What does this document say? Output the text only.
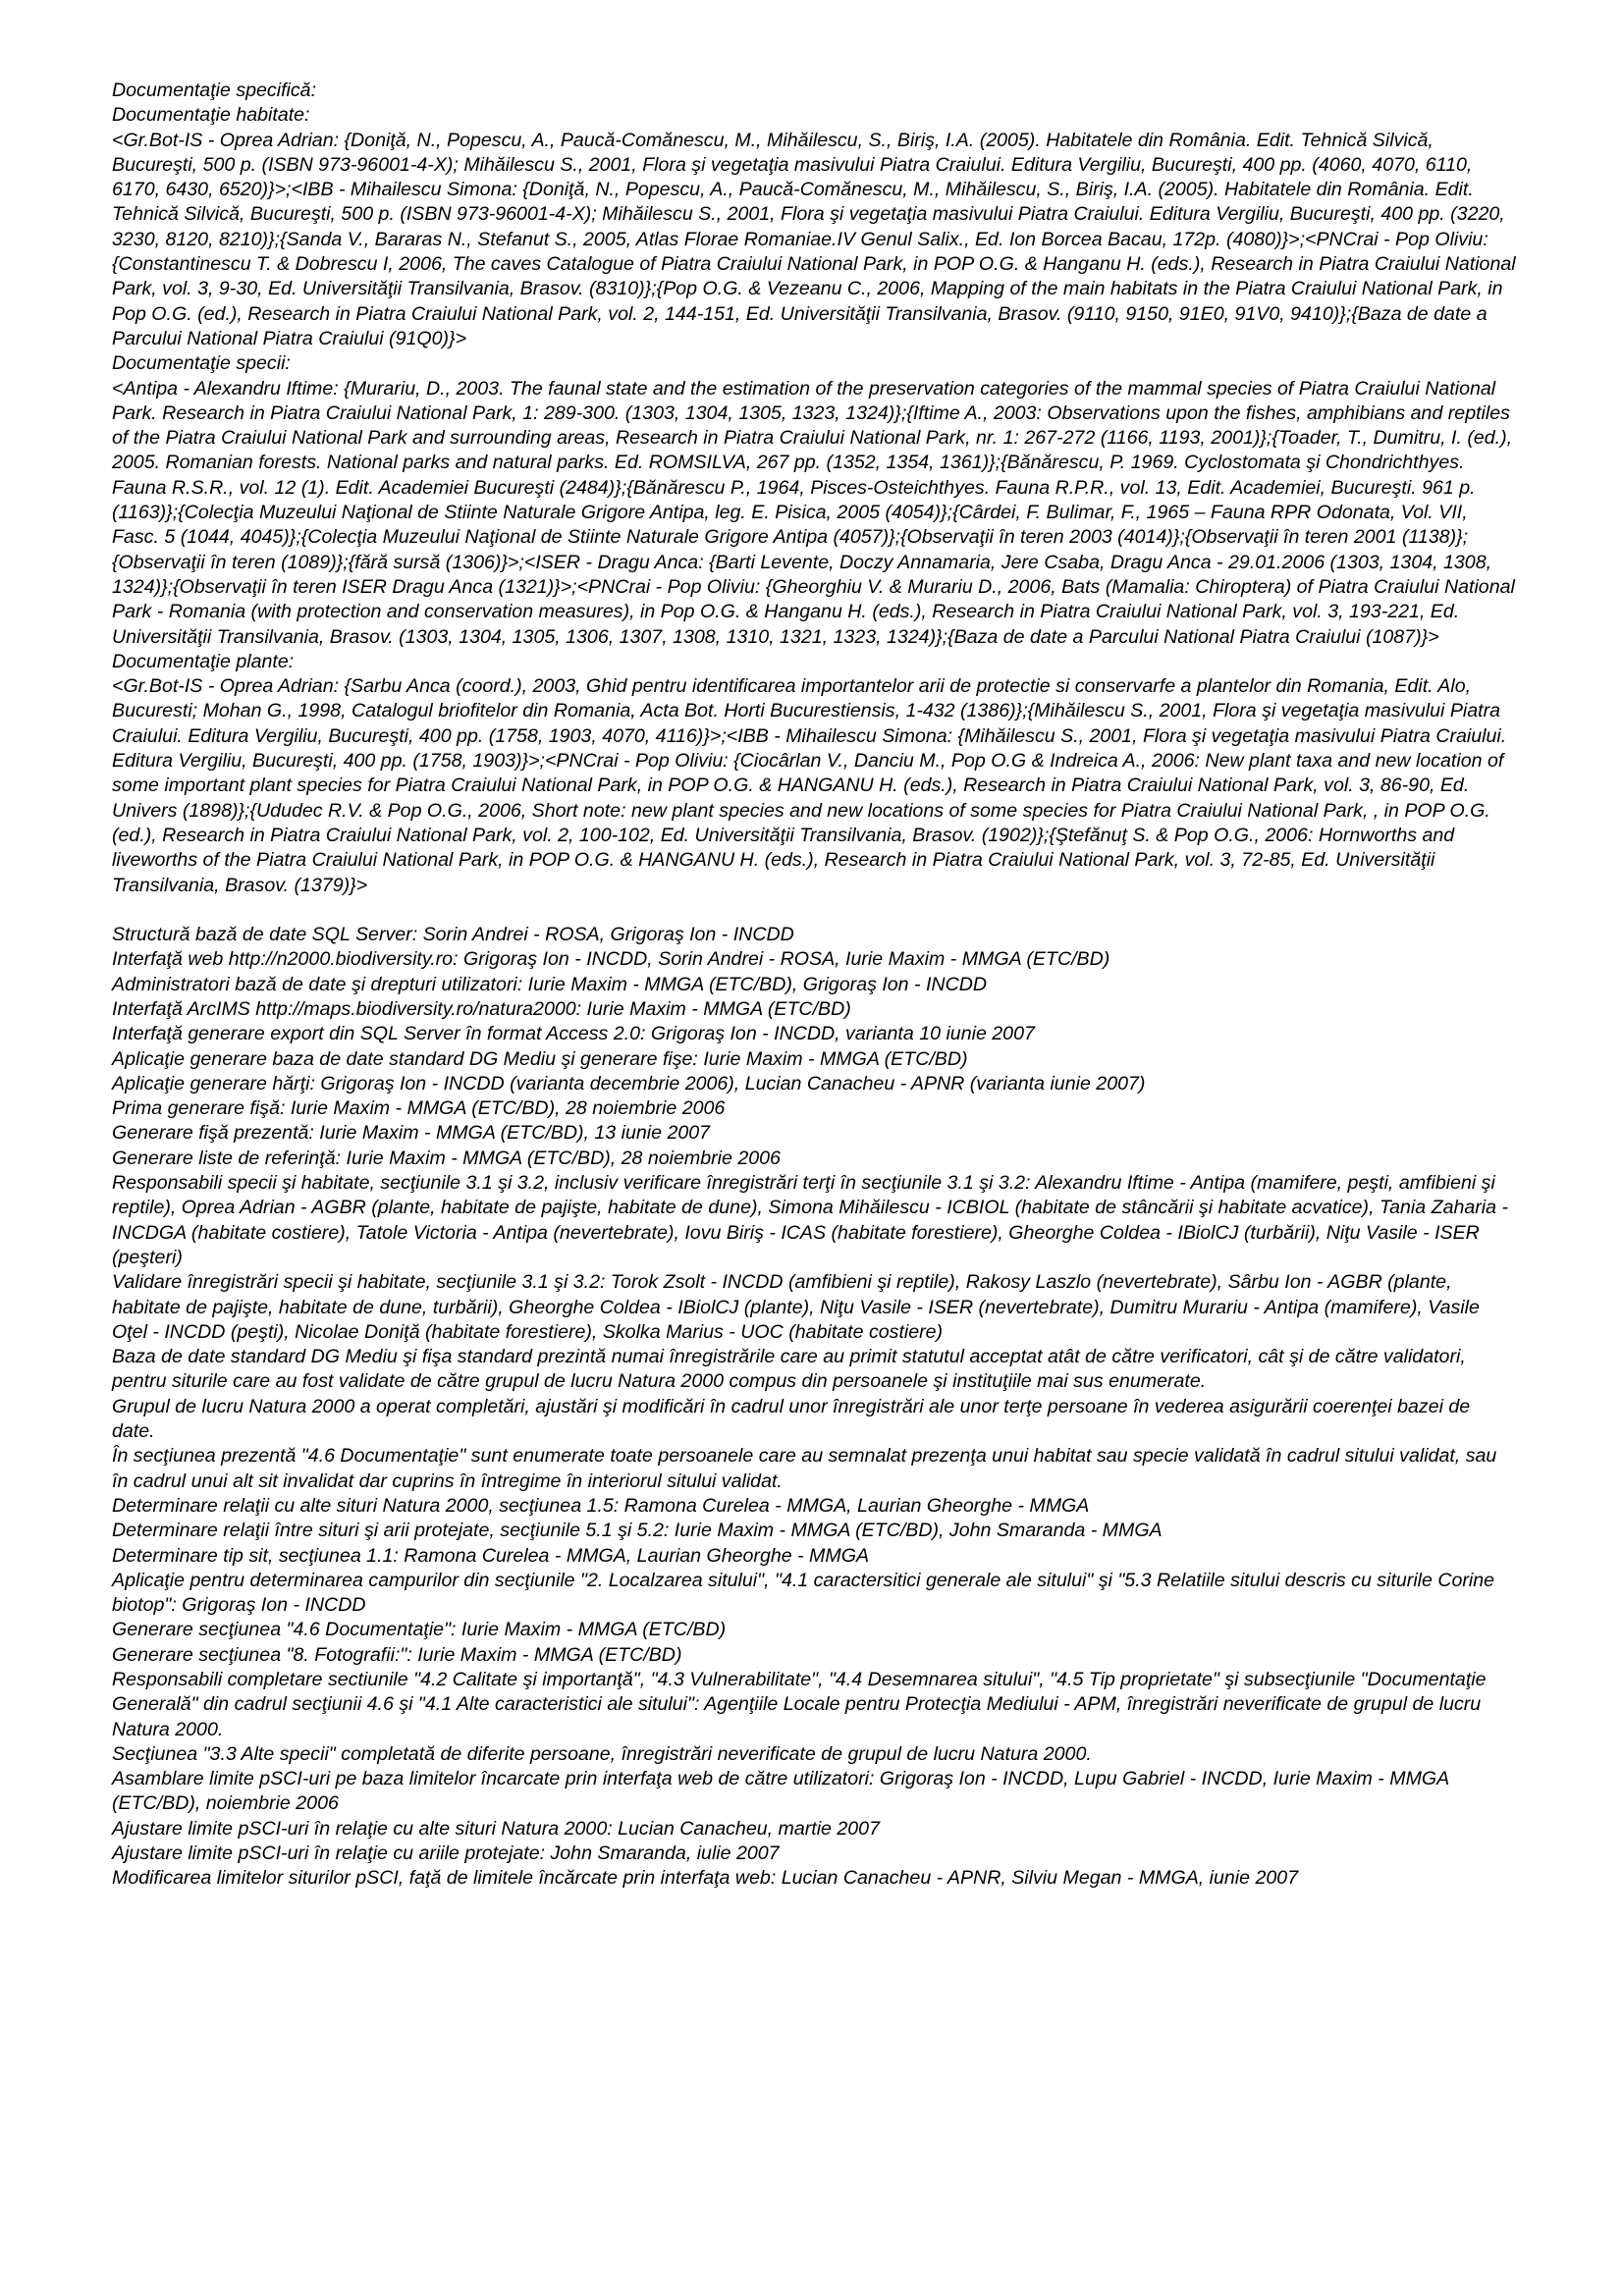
Documentaţie specifică:

Documentaţie habitate:

<Gr.Bot-IS - Oprea Adrian: {Doniţă, N., Popescu, A., Paucă-Comănescu, M., Mihăilescu, S., Biriş, I.A. (2005). Habitatele din România. Edit. Tehnică Silvică, Bucureşti, 500 p. (ISBN 973-96001-4-X); Mihăilescu S., 2001, Flora şi vegetaţia masivului Piatra Craiului. Editura Vergiliu, Bucureşti, 400 pp. (4060, 4070, 6110, 6170, 6430, 6520)}>;<IBB - Mihailescu Simona: {Doniţă, N., Popescu, A., Paucă-Comănescu, M., Mihăilescu, S., Biriş, I.A. (2005). Habitatele din România. Edit. Tehnică Silvică, Bucureşti, 500 p. (ISBN 973-96001-4-X); Mihăilescu S., 2001, Flora şi vegetaţia masivului Piatra Craiului. Editura Vergiliu, Bucureşti, 400 pp. (3220, 3230, 8120, 8210)};{Sanda V., Bararas N., Stefanut S., 2005, Atlas Florae Romaniae.IV Genul Salix., Ed. Ion Borcea Bacau, 172p. (4080)}>;<PNCrai - Pop Oliviu: {Constantinescu T. & Dobrescu I, 2006, The caves Catalogue of Piatra Craiului National Park, in POP O.G. & Hanganu H. (eds.), Research in Piatra Craiului National Park, vol. 3, 9-30, Ed. Universităţii Transilvania, Brasov. (8310)};{Pop O.G. & Vezeanu C., 2006, Mapping of the main habitats in the Piatra Craiului National Park, in Pop O.G. (ed.), Research in Piatra Craiului National Park, vol. 2, 144-151, Ed. Universităţii Transilvania, Brasov. (9110, 9150, 91E0, 91V0, 9410)};{Baza de date a Parcului National Piatra Craiului (91Q0)}>

Documentaţie specii:

<Antipa - Alexandru Iftime: {Murariu, D., 2003. The faunal state and the estimation of the preservation categories of the mammal species of Piatra Craiului National Park. Research in Piatra Craiului National Park, 1: 289-300. (1303, 1304, 1305, 1323, 1324)};{Iftime A., 2003: Observations upon the fishes, amphibians and reptiles of the Piatra Craiului National Park and surrounding areas, Research in Piatra Craiului National Park, nr. 1: 267-272 (1166, 1193, 2001)};{Toader, T., Dumitru, I. (ed.), 2005. Romanian forests. National parks and natural parks. Ed. ROMSILVA, 267 pp. (1352, 1354, 1361)};{Bănărescu, P. 1969. Cyclostomata şi Chondrichthyes. Fauna R.S.R., vol. 12 (1). Edit. Academiei Bucureşti (2484)};{Bănărescu P., 1964, Pisces-Osteichthyes. Fauna R.P.R., vol. 13, Edit. Academiei, Bucureşti. 961 p. (1163)};{Colecţia Muzeului Naţional de Stiinte Naturale Grigore Antipa, leg. E. Pisica, 2005 (4054)};{Cârdei, F. Bulimar, F., 1965 – Fauna RPR Odonata, Vol. VII, Fasc. 5 (1044, 4045)};{Colecţia Muzeului Naţional de Stiinte Naturale Grigore Antipa (4057)};{Observaţii în teren 2003 (4014)};{Observaţii în teren 2001 (1138)};{Observaţii în teren (1089)};{fără sursă (1306)}>;<ISER - Dragu Anca: {Barti Levente, Doczy Annamaria, Jere Csaba, Dragu Anca - 29.01.2006 (1303, 1304, 1308, 1324)};{Observaţii în teren ISER Dragu Anca (1321)}>;<PNCrai - Pop Oliviu: {Gheorghiu V. & Murariu D., 2006, Bats (Mamalia: Chiroptera) of Piatra Craiului National Park - Romania (with protection and conservation measures), in Pop O.G. & Hanganu H. (eds.), Research in Piatra Craiului National Park, vol. 3, 193-221, Ed. Universităţii Transilvania, Brasov. (1303, 1304, 1305, 1306, 1307, 1308, 1310, 1321, 1323, 1324)};{Baza de date a Parcului National Piatra Craiului (1087)}>

Documentaţie plante:

<Gr.Bot-IS - Oprea Adrian: {Sarbu Anca (coord.), 2003, Ghid pentru identificarea importantelor arii de protectie si conservarfe a plantelor din Romania, Edit. Alo, Bucuresti; Mohan G., 1998, Catalogul briofitelor din Romania, Acta Bot. Horti Bucurestiensis, 1-432 (1386)};{Mihăilescu S., 2001, Flora şi vegetaţia masivului Piatra Craiului. Editura Vergiliu, Bucureşti, 400 pp. (1758, 1903, 4070, 4116)}>;<IBB - Mihailescu Simona: {Mihăilescu S., 2001, Flora şi vegetaţia masivului Piatra Craiului. Editura Vergiliu, Bucureşti, 400 pp. (1758, 1903)}>;<PNCrai - Pop Oliviu: {Ciocârlan V., Danciu M., Pop O.G & Indreica A., 2006: New plant taxa and new location of some important plant species for Piatra Craiului National Park, in POP O.G. & HANGANU H. (eds.), Research in Piatra Craiului National Park, vol. 3, 86-90, Ed. Univers (1898)};{Ududec R.V. & Pop O.G., 2006, Short note: new plant species and new locations of some species for Piatra Craiului National Park, , in POP O.G. (ed.), Research in Piatra Craiului National Park, vol. 2, 100-102, Ed. Universităţii Transilvania, Brasov. (1902)};{Ştefănuţ S. & Pop O.G., 2006: Hornworths and liveworths of the Piatra Craiului National Park, in POP O.G. & HANGANU H. (eds.), Research in Piatra Craiului National Park, vol. 3, 72-85, Ed. Universităţii Transilvania, Brasov. (1379)}>

Structură bază de date SQL Server: Sorin Andrei - ROSA, Grigoraş Ion - INCDD

Interfaţă web http://n2000.biodiversity.ro: Grigoraş Ion - INCDD, Sorin Andrei - ROSA, Iurie Maxim - MMGA (ETC/BD)

Administratori bază de date şi drepturi utilizatori: Iurie Maxim - MMGA (ETC/BD), Grigoraş Ion - INCDD

Interfaţă ArcIMS http://maps.biodiversity.ro/natura2000: Iurie Maxim - MMGA (ETC/BD)

Interfaţă generare export din SQL Server în format Access 2.0: Grigoraş Ion - INCDD, varianta 10 iunie 2007

Aplicaţie generare baza de date standard DG Mediu şi generare fişe: Iurie Maxim - MMGA (ETC/BD)

Aplicaţie generare hărţi: Grigoraş Ion - INCDD (varianta decembrie 2006), Lucian Canacheu - APNR (varianta iunie 2007)

Prima generare fişă: Iurie Maxim - MMGA (ETC/BD), 28 noiembrie 2006

Generare fişă prezentă: Iurie Maxim - MMGA (ETC/BD), 13 iunie 2007

Generare liste de referinţă: Iurie Maxim - MMGA (ETC/BD), 28 noiembrie 2006

Responsabili specii şi habitate, secţiunile 3.1 şi 3.2, inclusiv verificare înregistrări terţi în secţiunile 3.1 şi 3.2: Alexandru Iftime - Antipa (mamifere, peşti, amfibieni şi reptile), Oprea Adrian - AGBR (plante, habitate de pajişte, habitate de dune), Simona Mihăilescu - ICBIOL (habitate de stâncării şi habitate acvatice), Tania Zaharia - INCDGA (habitate costiere), Tatole Victoria - Antipa (nevertebrate), Iovu Biriş - ICAS (habitate forestiere), Gheorghe Coldea - IBiolCJ (turbării), Niţu Vasile - ISER (peşteri)

Validare înregistrări specii şi habitate, secţiunile 3.1 şi 3.2: Torok Zsolt - INCDD (amfibieni şi reptile), Rakosy Laszlo (nevertebrate), Sârbu Ion - AGBR (plante, habitate de pajişte, habitate de dune, turbării), Gheorghe Coldea - IBiolCJ (plante), Niţu Vasile - ISER (nevertebrate), Dumitru Murariu - Antipa (mamifere), Vasile Oţel - INCDD (peşti), Nicolae Doniţă (habitate forestiere), Skolka Marius - UOC (habitate costiere)

Baza de date standard DG Mediu şi fişa standard prezintă numai înregistrările care au primit statutul acceptat atât de către verificatori, cât şi de către validatori, pentru siturile care au fost validate de către grupul de lucru Natura 2000 compus din persoanele şi instituţiile mai sus enumerate.

Grupul de lucru Natura 2000 a operat completări, ajustări şi modificări în cadrul unor înregistrări ale unor terţe persoane în vederea asigurării coerenţei bazei de date.

În secţiunea prezentă "4.6 Documentaţie" sunt enumerate toate persoanele care au semnalat prezenţa unui habitat sau specie validată în cadrul sitului validat, sau în cadrul unui alt sit invalidat dar cuprins în întregime în interiorul sitului validat.

Determinare relaţii cu alte situri Natura 2000, secţiunea 1.5: Ramona Curelea - MMGA, Laurian Gheorghe - MMGA

Determinare relaţii între situri şi arii protejate, secţiunile 5.1 şi 5.2: Iurie Maxim - MMGA (ETC/BD), John Smaranda - MMGA

Determinare tip sit, secţiunea 1.1: Ramona Curelea - MMGA, Laurian Gheorghe - MMGA

Aplicaţie pentru determinarea campurilor din secţiunile "2. Localzarea sitului", "4.1 caractersitici generale ale sitului" şi "5.3 Relatiile sitului descris cu siturile Corine biotop": Grigoraş Ion - INCDD

Generare secţiunea "4.6 Documentaţie": Iurie Maxim - MMGA (ETC/BD)

Generare secţiunea "8. Fotografii:": Iurie Maxim - MMGA (ETC/BD)

Responsabili completare sectiunile "4.2 Calitate şi importanţă", "4.3 Vulnerabilitate", "4.4 Desemnarea sitului", "4.5 Tip proprietate" şi subsecţiunile "Documentaţie Generală" din cadrul secţiunii 4.6 şi "4.1 Alte caracteristici ale sitului": Agenţiile Locale pentru Protecţia Mediului - APM, înregistrări neverificate de grupul de lucru Natura 2000.

Secţiunea "3.3 Alte specii" completată de diferite persoane, înregistrări neverificate de grupul de lucru Natura 2000.

Asamblare limite pSCI-uri pe baza limitelor încarcate prin interfaţa web de către utilizatori: Grigoraş Ion - INCDD, Lupu Gabriel - INCDD, Iurie Maxim - MMGA (ETC/BD), noiembrie 2006

Ajustare limite pSCI-uri în relaţie cu alte situri Natura 2000: Lucian Canacheu, martie 2007

Ajustare limite pSCI-uri în relaţie cu ariile protejate: John Smaranda, iulie 2007

Modificarea limitelor siturilor pSCI, faţă de limitele încărcate prin interfaţa web: Lucian Canacheu - APNR, Silviu Megan - MMGA, iunie 2007
